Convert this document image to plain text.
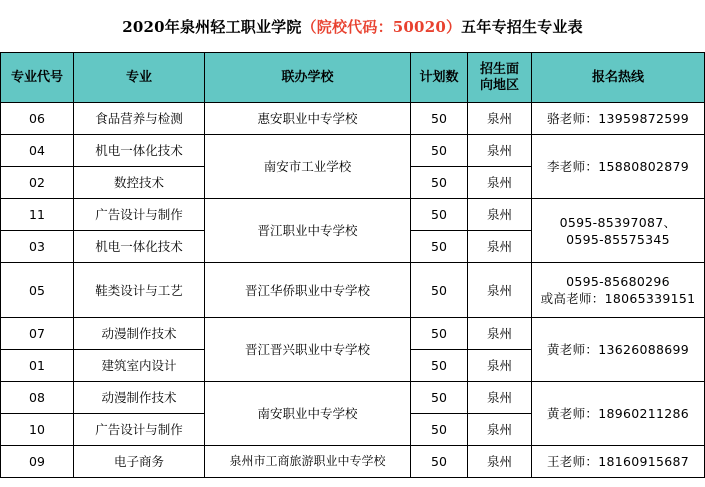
2020年泉州轻工职业学院 （院校代码：50020） 五年专招生专业表
专业代号	专业	联办学校	计划数	招生面向地区	报名热线
06	食品营养与检测	惠安职业中专学校	50	泉州	骆老师：13959872599
04	机电一体化技术	南安市工业学校	50	泉州	李老师：15880802879
02	数控技术		50	泉州	
11	广告设计与制作	晋江职业中专学校	50	泉州	0595-85397087、
0595-85575345

03	机电一体化技术		50	泉州	
05	鞋类设计与工艺	晋江华侨职业中专学校	50	泉州	0595-85680296
或高老师：18065339151

07	动漫制作技术	晋江晋兴职业中专学校	50	泉州	黄老师：13626088699
01	建筑室内设计		50	泉州	
08	动漫制作技术	南安职业中专学校	50	泉州	黄老师：18960211286
10	广告设计与制作		50	泉州	
09	电子商务	泉州市工商旅游职业中专学校	50	泉州	王老师：18160915687
